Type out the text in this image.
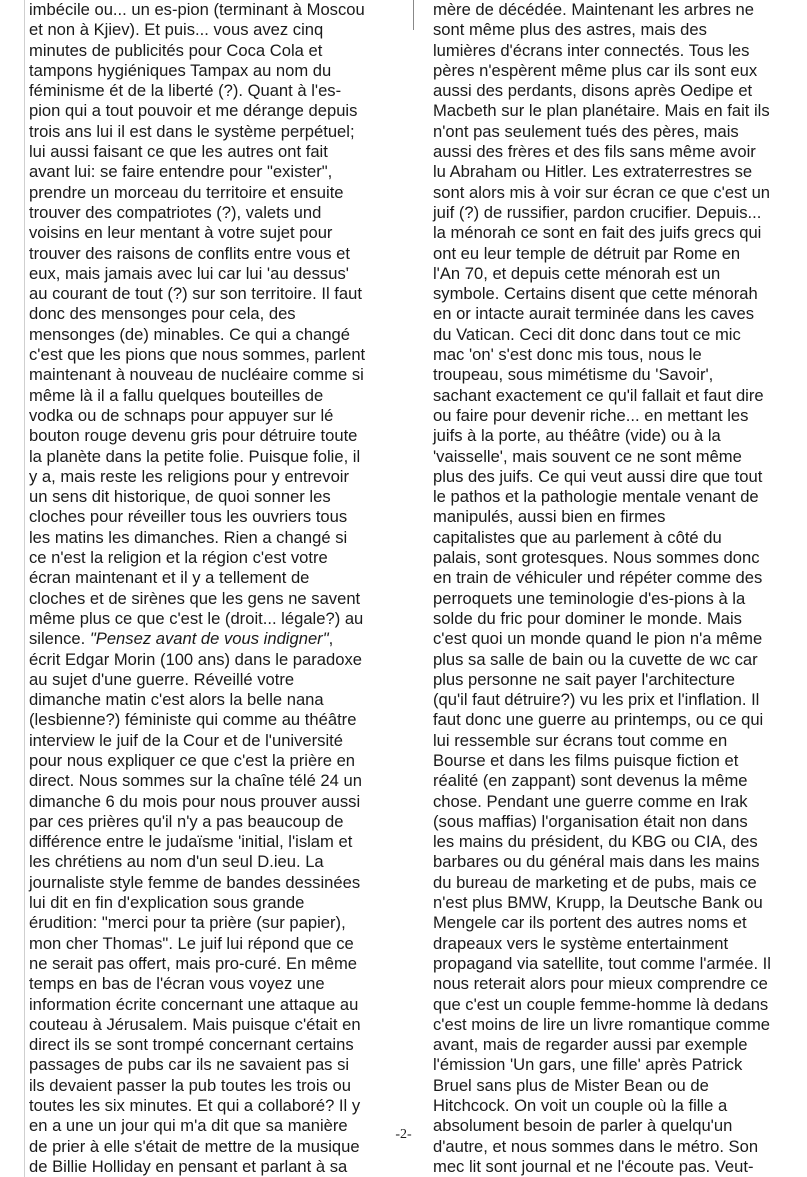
imbécile ou... un es-pion (terminant à Moscou
et non à Kjiev). Et puis... vous avez cinq
minutes de publicités pour Coca Cola et
tampons hygiéniques Tampax au nom du
féminisme ét de la liberté (?). Quant à l'es-
pion qui a tout pouvoir et me dérange depuis
trois ans lui il est dans le système perpétuel;
lui aussi faisant ce que les autres ont fait
avant lui: se faire entendre pour "exister",
prendre un morceau du territoire et ensuite
trouver des compatriotes (?), valets und
voisins en leur mentant à votre sujet pour
trouver des raisons de conflits entre vous et
eux, mais jamais avec lui car lui 'au dessus'
au courant de tout (?) sur son territoire. Il faut
donc des mensonges pour cela, des
mensonges (de) minables. Ce qui a changé
c'est que les pions que nous sommes, parlent
maintenant à nouveau de nucléaire comme si
même là il a fallu quelques bouteilles de
vodka ou de schnaps pour appuyer sur lé
bouton rouge devenu gris pour détruire toute
la planète dans la petite folie. Puisque folie, il
y a, mais reste les religions pour y entrevoir
un sens dit historique, de quoi sonner les
cloches pour réveiller tous les ouvriers tous
les matins les dimanches. Rien a changé si
ce n'est la religion et la région c'est votre
écran maintenant et il y a tellement de
cloches et de sirènes que les gens ne savent
même plus ce que c'est le (droit... légale?) au
silence. "Pensez avant de vous indigner",
écrit Edgar Morin (100 ans) dans le paradoxe
au sujet d'une guerre. Réveillé votre
dimanche matin c'est alors la belle nana
(lesbienne?) féministe qui comme au théâtre
interview le juif de la Cour et de l'université
pour nous expliquer ce que c'est la prière en
direct. Nous sommes sur la chaîne télé 24 un
dimanche 6 du mois pour nous prouver aussi
par ces prières qu'il n'y a pas beaucoup de
différence entre le judaïsme 'initial, l'islam et
les chrétiens au nom d'un seul D.ieu. La
journaliste style femme de bandes dessinées
lui dit en fin d'explication sous grande
érudition: "merci pour ta prière (sur papier),
mon cher Thomas". Le juif lui répond que ce
ne serait pas offert, mais pro-curé. En même
temps en bas de l'écran vous voyez une
information écrite concernant une attaque au
couteau à Jérusalem. Mais puisque c'était en
direct ils se sont trompé concernant certains
passages de pubs car ils ne savaient pas si
ils devaient passer la pub toutes les trois ou
toutes les six minutes. Et qui a collaboré? Il y
en a une un jour qui m'a dit que sa manière
de prier à elle s'était de mettre de la musique
de Billie Holliday en pensant et parlant à sa
mère de décédée. Maintenant les arbres ne
sont même plus des astres, mais des
lumières d'écrans inter connectés. Tous les
pères n'espèrent même plus car ils sont eux
aussi des perdants, disons après Oedipe et
Macbeth sur le plan planétaire. Mais en fait ils
n'ont pas seulement tués des pères, mais
aussi des frères et des fils sans même avoir
lu Abraham ou Hitler. Les extraterrestres se
sont alors mis à voir sur écran ce que c'est un
juif (?) de russifier, pardon crucifier. Depuis...
la ménorah ce sont en fait des juifs grecs qui
ont eu leur temple de détruit par Rome en
l'An 70, et depuis cette ménorah est un
symbole. Certains disent que cette ménorah
en or intacte aurait terminée dans les caves
du Vatican. Ceci dit donc dans tout ce mic
mac 'on' s'est donc mis tous, nous le
troupeau, sous mimétisme du 'Savoir',
sachant exactement ce qu'il fallait et faut dire
ou faire pour devenir riche... en mettant les
juifs à la porte, au théâtre (vide) ou à la
'vaisselle', mais souvent ce ne sont même
plus des juifs. Ce qui veut aussi dire que tout
le pathos et la pathologie mentale venant de
manipulés, aussi bien en firmes
capitalistes que au parlement à côté du
palais, sont grotesques. Nous sommes donc
en train de véhiculer und répéter comme des
perroquets une teminologie d'es-pions à la
solde du fric pour dominer le monde. Mais
c'est quoi un monde quand le pion n'a même
plus sa salle de bain ou la cuvette de wc car
plus personne ne sait payer l'architecture
(qu'il faut détruire?) vu les prix et l'inflation. Il
faut donc une guerre au printemps, ou ce qui
lui ressemble sur écrans tout comme en
Bourse et dans les films puisque fiction et
réalité (en zappant) sont devenus la même
chose. Pendant une guerre comme en Irak
(sous maffias) l'organisation était non dans
les mains du président, du KBG ou CIA, des
barbares ou du général mais dans les mains
du bureau de marketing et de pubs, mais ce
n'est plus BMW, Krupp, la Deutsche Bank ou
Mengele car ils portent des autres noms et
drapeaux vers le système entertainment
propagand via satellite, tout comme l'armée. Il
nous reterait alors pour mieux comprendre ce
que c'est un couple femme-homme là dedans
c'est moins de lire un livre romantique comme
avant, mais de regarder aussi par exemple
l'émission 'Un gars, une fille' après Patrick
Bruel sans plus de Mister Bean ou de
Hitchcock. On voit un couple où la fille a
absolument besoin de parler à quelqu'un
d'autre, et nous sommes dans le métro. Son
mec lit sont journal et ne l'écoute pas. Veut-
-2-
